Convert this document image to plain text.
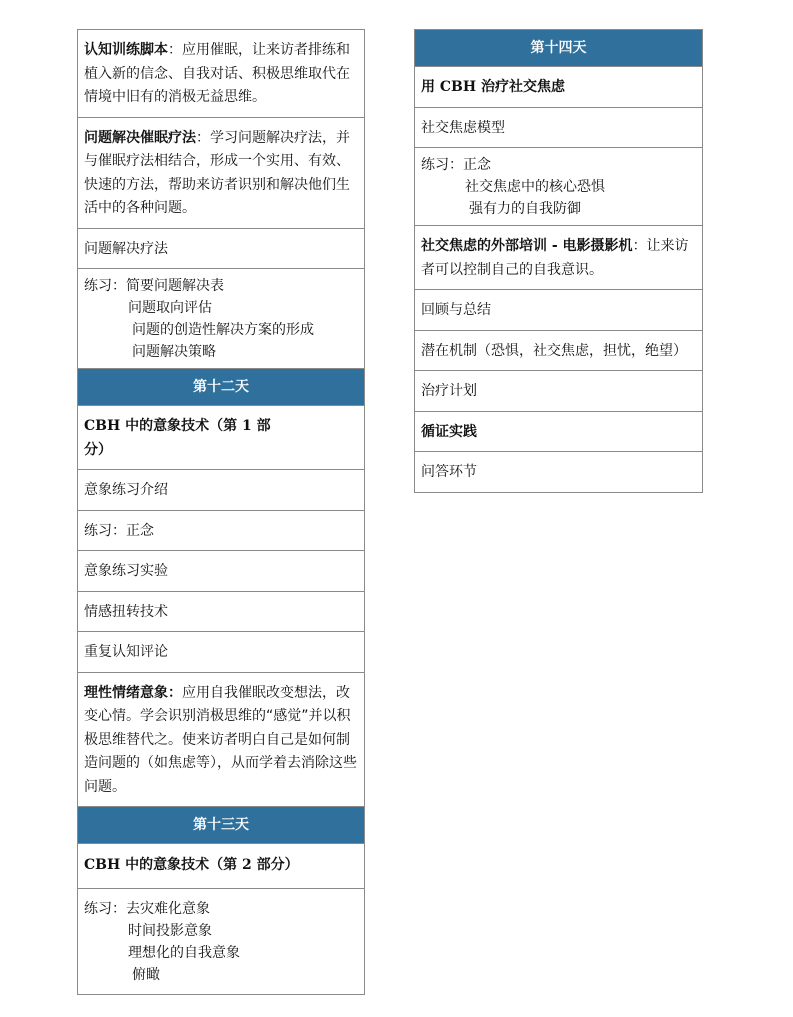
认知训练脚本：应用催眠，让来访者排练和植入新的信念、自我对话、积极思维取代在情境中旧有的消极无益思维。
问题解决催眠疗法：学习问题解决疗法，并与催眠疗法相结合，形成一个实用、有效、快速的方法，帮助来访者识别和解决他们生活中的各种问题。
问题解决疗法
练习：简要问题解决表
问题取向评估
问题的创造性解决方案的形成
问题解决策略
第十二天
CBH 中的意象技术（第 1 部
分）
意象练习介绍
练习：正念
意象练习实验
情感扭转技术
重复认知评论
理性情绪意象：应用自我催眠改变想法，改变心情。学会识别消极思维的“感觉”并以积极思维替代之。使来访者明白自己是如何制造问题的（如焦虑等），从而学着去消除这些问题。
第十三天
CBH 中的意象技术（第 2 部分）
练习：去灾难化意象
时间投影意象
理想化的自我意象
俯瞰
第十四天
用 CBH 治疗社交焦虑
社交焦虑模型
练习：正念
社交焦虑中的核心恐惧
强有力的自我防御
社交焦虑的外部培训 - 电影摄影机：让来访者可以控制自己的自我意识。
回顾与总结
潜在机制（恐惧，社交焦虑，担忧，绝望）
治疗计划
循证实践
问答环节
